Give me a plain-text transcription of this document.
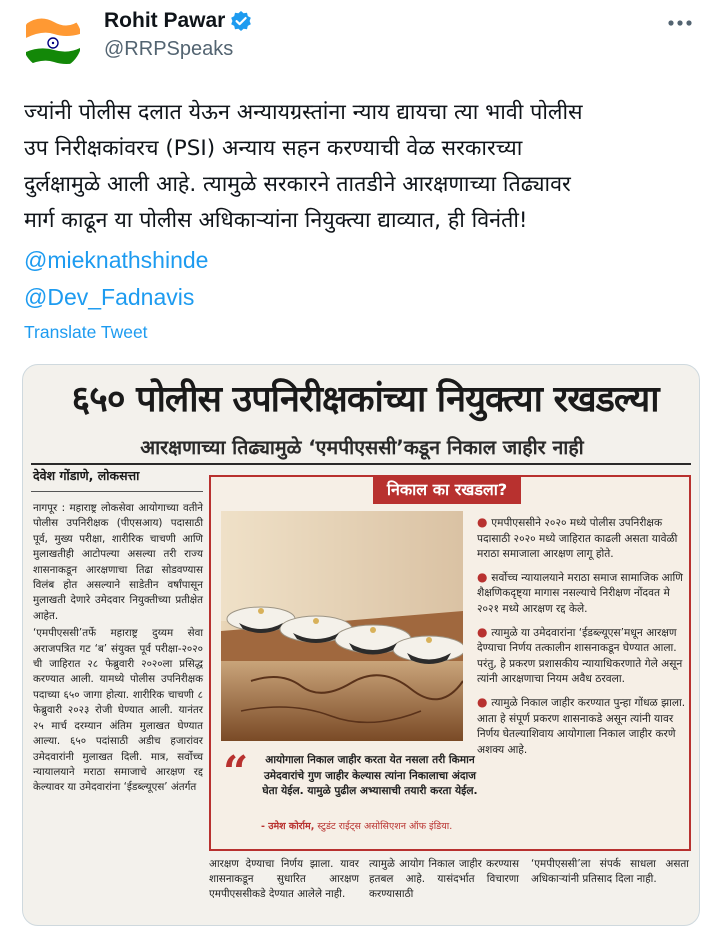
Rohit Pawar
@RRPSpeaks
ज्यांनी पोलीस दलात येऊन अन्यायग्रस्तांना न्याय द्यायचा त्या भावी पोलीस
उप निरीक्षकांवरच (PSI) अन्याय सहन करण्याची वेळ सरकारच्या
दुर्लक्षामुळे आली आहे. त्यामुळे सरकारने तातडीने आरक्षणाच्या तिढ्यावर
मार्ग काढून या पोलीस अधिकाऱ्यांना नियुक्त्या द्याव्यात, ही विनंती!
@mieknathshinde
@Dev_Fadnavis
Translate Tweet
६५० पोलीस उपनिरीक्षकांच्या नियुक्त्या रखडल्या
आरक्षणाच्या तिढ्यामुळे ‘एमपीएससी’कडून निकाल जाहीर नाही
देवेश गोंडाणे, लोकसत्ता

नागपूर : महाराष्ट्र लोकसेवा आयोगाच्या वतीने पोलीस उपनिरीक्षक (पीएसआय) पदासाठी पूर्व, मुख्य परीक्षा, शारीरिक चाचणी आणि मुलाखतीही आटोपल्या असल्या तरी राज्य शासनाकडून आरक्षणाचा तिढा सोडवण्यास विलंब होत असल्याने साडेतीन वर्षांपासून मुलाखती देणारे उमेदवार नियुक्तीच्या प्रतीक्षेत आहेत.

‘एमपीएससी’तर्फे महाराष्ट्र दुय्यम सेवा अराजपत्रित गट ‘ब’ संयुक्त पूर्व परीक्षा-२०२० ची जाहिरात २८ फेब्रुवारी २०२०ला प्रसिद्ध करण्यात आली. यामध्ये पोलीस उपनिरीक्षक पदाच्या ६५० जागा होत्या. शारीरिक चाचणी ८ फेब्रुवारी २०२३ रोजी घेण्यात आली. यानंतर २५ मार्च दरम्यान अंतिम मुलाखत घेण्यात आल्या. ६५० पदांसाठी अडीच हजारांवर उमेदवारांनी मुलाखत दिली. मात्र, सर्वोच्च न्यायालयाने मराठा समाजाचे आरक्षण रद्द केल्यावर या उमेदवारांना ‘ईडब्ल्यूएस’ अंतर्गत

निकाल का रखडला?
● एमपीएससीने २०२० मध्ये पोलीस उपनिरीक्षक पदासाठी २०२० मध्ये जाहिरात काढली असता यावेळी मराठा समाजाला आरक्षण लागू होते.
● सर्वोच्च न्यायालयाने मराठा समाज सामाजिक आणि शैक्षणिकदृष्ट्या मागास नसल्याचे निरीक्षण नोंदवत मे २०२१ मध्ये आरक्षण रद्द केले.
● त्यामुळे या उमेदवारांना ‘ईडब्ल्यूएस’मधून आरक्षण देण्याचा निर्णय तत्कालीन शासनाकडून घेण्यात आला. परंतु, हे प्रकरण प्रशासकीय न्यायाधिकरणाते गेले असून त्यांनी आरक्षणाचा नियम अवैध ठरवला.
● त्यामुळे निकाल जाहीर करण्यात पुन्हा गोंधळ झाला. आता हे संपूर्ण प्रकरण शासनाकडे असून त्यांनी यावर निर्णय घेतल्याशिवाय आयोगाला निकाल जाहीर करणे अशक्य आहे.
“	आयोगाला निकाल जाहीर करता येत नसला तरी किमान उमेदवारांचे गुण जाहीर केल्यास त्यांना निकालाचा अंदाज घेता येईल. यामुळे पुढील अभ्यासाची तयारी करता येईल.
- उमेश कोर्राम, स्टुडंट राईट्स असोसिएशन ऑफ इंडिया.
आरक्षण देण्याचा निर्णय झाला. यावर शासनाकडून सुधारित आरक्षण एमपीएससीकडे देण्यात आलेले नाही.
त्यामुळे आयोग निकाल जाहीर करण्यास हतबल आहे. यासंदर्भात विचारणा करण्यासाठी
‘एमपीएससी’ला संपर्क साधला असता अधिकाऱ्यांनी प्रतिसाद दिला नाही.
